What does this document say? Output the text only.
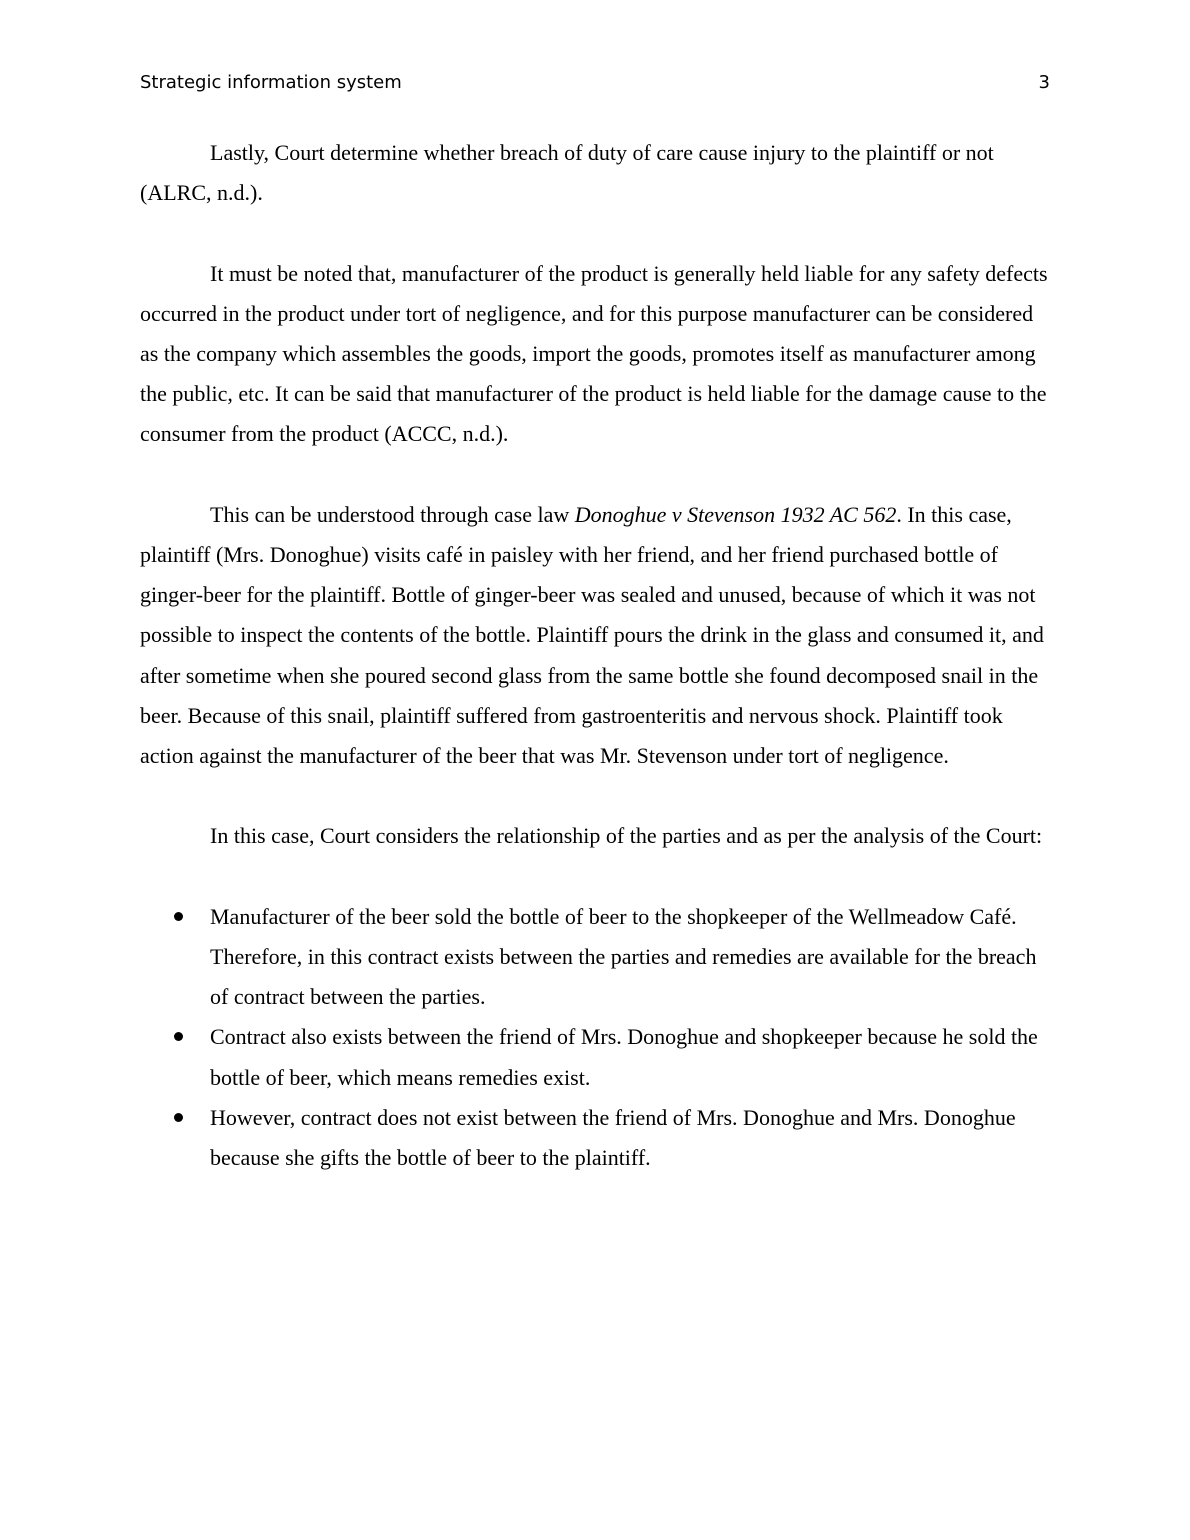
Strategic information system	3

Lastly, Court determine whether breach of duty of care cause injury to the plaintiff or not (ALRC, n.d.).

It must be noted that, manufacturer of the product is generally held liable for any safety defects occurred in the product under tort of negligence, and for this purpose manufacturer can be considered as the company which assembles the goods, import the goods, promotes itself as manufacturer among the public, etc. It can be said that manufacturer of the product is held liable for the damage cause to the consumer from the product (ACCC, n.d.).

This can be understood through case law Donoghue v Stevenson 1932 AC 562. In this case, plaintiff (Mrs. Donoghue) visits café in paisley with her friend, and her friend purchased bottle of ginger-beer for the plaintiff. Bottle of ginger-beer was sealed and unused, because of which it was not possible to inspect the contents of the bottle. Plaintiff pours the drink in the glass and consumed it, and after sometime when she poured second glass from the same bottle she found decomposed snail in the beer. Because of this snail, plaintiff suffered from gastroenteritis and nervous shock. Plaintiff took action against the manufacturer of the beer that was Mr. Stevenson under tort of negligence.

In this case, Court considers the relationship of the parties and as per the analysis of the Court:

Manufacturer of the beer sold the bottle of beer to the shopkeeper of the Wellmeadow Café. Therefore, in this contract exists between the parties and remedies are available for the breach of contract between the parties.
Contract also exists between the friend of Mrs. Donoghue and shopkeeper because he sold the bottle of beer, which means remedies exist.
However, contract does not exist between the friend of Mrs. Donoghue and Mrs. Donoghue because she gifts the bottle of beer to the plaintiff.
